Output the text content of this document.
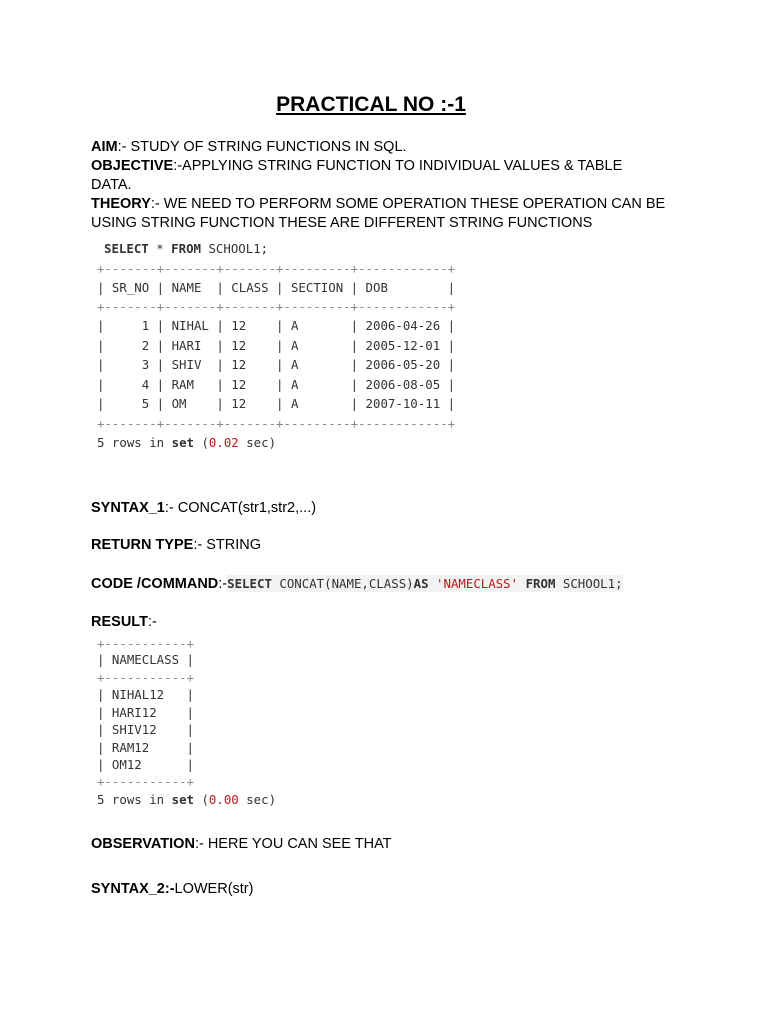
PRACTICAL NO :-1
AIM:- STUDY OF STRING FUNCTIONS IN SQL.
OBJECTIVE:-APPLYING STRING FUNCTION TO INDIVIDUAL VALUES & TABLE
DATA.
THEORY:- WE NEED TO PERFORM SOME OPERATION THESE OPERATION CAN BE
USING STRING FUNCTION THESE ARE DIFFERENT STRING FUNCTIONS

SELECT * FROM SCHOOL1;

+-------+-------+-------+---------+------------+

| SR_NO | NAME  | CLASS | SECTION | DOB        |

+-------+-------+-------+---------+------------+

|     1 | NIHAL | 12    | A       | 2006-04-26 |

|     2 | HARI  | 12    | A       | 2005-12-01 |

|     3 | SHIV  | 12    | A       | 2006-05-20 |

|     4 | RAM   | 12    | A       | 2006-08-05 |

|     5 | OM    | 12    | A       | 2007-10-11 |

+-------+-------+-------+---------+------------+

5 rows in set (0.02 sec)

SYNTAX_1:- CONCAT(str1,str2,...)
RETURN TYPE:- STRING
CODE /COMMAND:-SELECT CONCAT(NAME,CLASS)AS 'NAMECLASS' FROM SCHOOL1;
RESULT:-

+-----------+

| NAMECLASS |

+-----------+

| NIHAL12   |

| HARI12    |

| SHIV12    |

| RAM12     |

| OM12      |

+-----------+

5 rows in set (0.00 sec)

OBSERVATION:- HERE YOU CAN SEE THAT
SYNTAX_2:-LOWER(str)
